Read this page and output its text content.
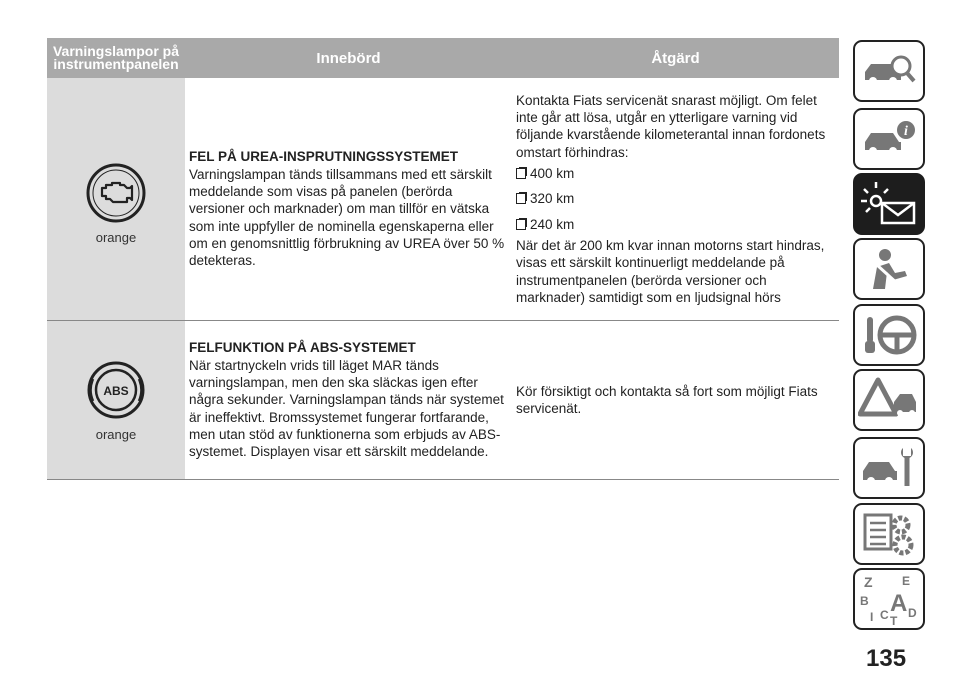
Varningslampor på instrumentpanelen	Innebörd	Åtgärd
orange
FEL PÅ UREA-INSPRUTNINGSSYSTEMET
Varningslampan tänds tillsammans med ett särskilt meddelande som visas på panelen (berörda versioner och marknader) om man tillför en vätska som inte uppfyller de nominella egenskaperna eller om en genomsnittlig förbrukning av UREA över 50 % detekteras.
Kontakta Fiats servicenät snarast möjligt. Om felet inte går att lösa, utgår en ytterligare varning vid följande kvarstående kilometerantal innan fordonets omstart förhindras:
400 km
320 km
240 km
När det är 200 km kvar innan motorns start hindras, visas ett särskilt kontinuerligt meddelande på instrumentpanelen (berörda versioner och marknader) samtidigt som en ljudsignal hörs
ABS
orange
FELFUNKTION PÅ ABS-SYSTEMET
När startnyckeln vrids till läget MAR tänds varningslampan, men den ska släckas igen efter några sekunder. Varningslampan tänds när systemet är ineffektivt. Bromssystemet fungerar fortfarande, men utan stöd av funktionerna som erbjuds av ABS-systemet. Displayen visar ett särskilt meddelande.
Kör försiktigt och kontakta så fort som möjligt Fiats servicenät.
i
Z E
B A
I C D
T
135
